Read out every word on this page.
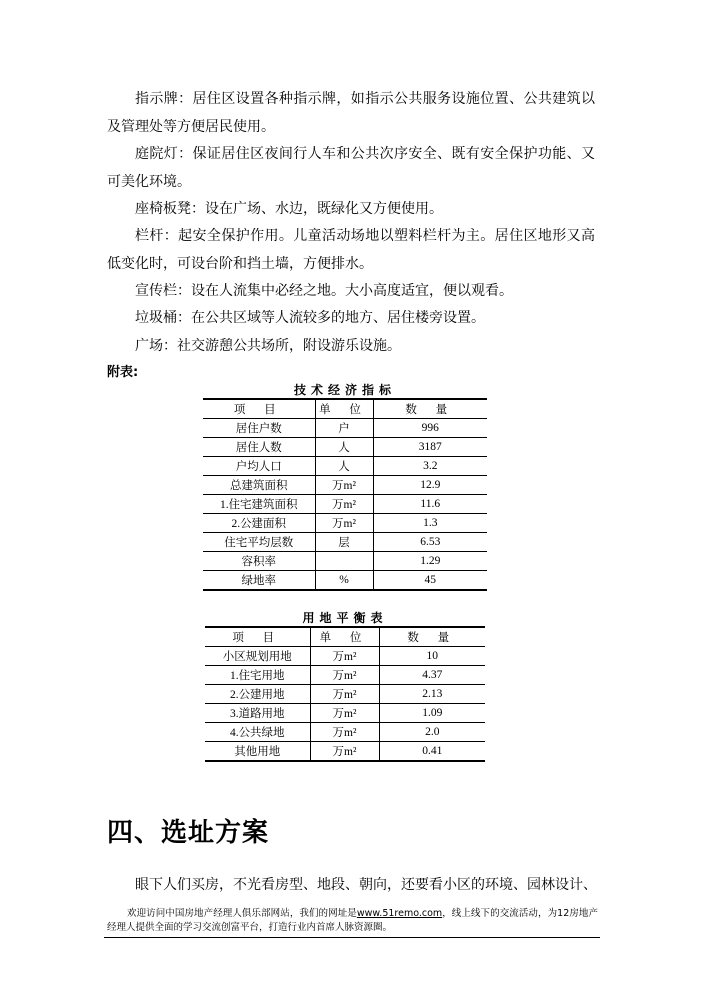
指示牌：居住区设置各种指示牌，如指示公共服务设施位置、公共建筑以及管理处等方便居民使用。

庭院灯：保证居住区夜间行人车和公共次序安全、既有安全保护功能、又可美化环境。

座椅板凳：设在广场、水边，既绿化又方便使用。

栏杆：起安全保护作用。儿童活动场地以塑料栏杆为主。居住区地形又高低变化时，可设台阶和挡土墙，方便排水。

宣传栏：设在人流集中必经之地。大小高度适宜，便以观看。

垃圾桶：在公共区域等人流较多的地方、居住楼旁设置。

广场：社交游憩公共场所，附设游乐设施。

附表:
技术经济指标
项 目	单 位	数 量
居住户数	户	996
居住人数	人	3187
户均人口	人	3.2
总建筑面积	万m²	12.9
1.住宅建筑面积	万m²	11.6
2.公建面积	万m²	1.3
住宅平均层数	层	6.53
容积率		1.29
绿地率	%	45
用地平衡表
项 目	单 位	数 量
小区规划用地	万m²	10
1.住宅用地	万m²	4.37
2.公建用地	万m²	2.13
3.道路用地	万m²	1.09
4.公共绿地	万m²	2.0
其他用地	万m²	0.41
四、选址方案

眼下人们买房，不光看房型、地段、朝向，还要看小区的环境、园林设计、

欢迎访问中国房地产经理人俱乐部网站，我们的网址是www.51remo.com，线上线下的交流活动，为12房地产经理人提供全面的学习交流创富平台，打造行业内首席人脉资源圈。
